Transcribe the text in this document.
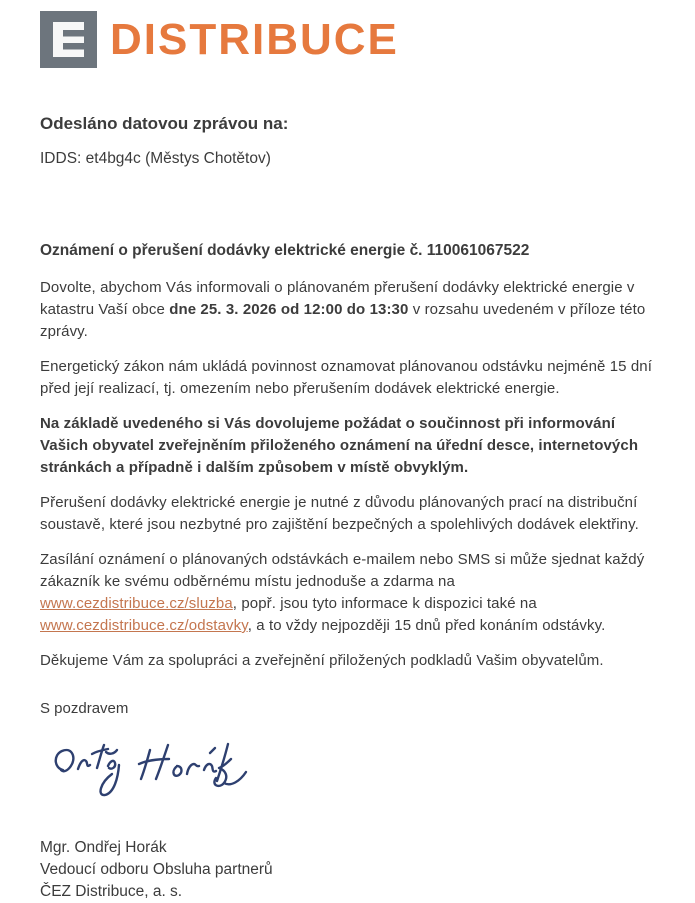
DISTRIBUCE
Odesláno datovou zprávou na:
IDDS: et4bg4c (Městys Chotětov)
Oznámení o přerušení dodávky elektrické energie č. 110061067522

Dovolte, abychom Vás informovali o plánovaném přerušení dodávky elektrické energie v katastru Vaší obce dne 25. 3. 2026 od 12:00 do 13:30 v rozsahu uvedeném v příloze této zprávy.

Energetický zákon nám ukládá povinnost oznamovat plánovanou odstávku nejméně 15 dní před její realizací, tj. omezením nebo přerušením dodávek elektrické energie.

Na základě uvedeného si Vás dovolujeme požádat o součinnost při informování Vašich obyvatel zveřejněním přiloženého oznámení na úřední desce, internetových stránkách a případně i dalším způsobem v místě obvyklým.

Přerušení dodávky elektrické energie je nutné z důvodu plánovaných prací na distribuční soustavě, které jsou nezbytné pro zajištění bezpečných a spolehlivých dodávek elektřiny.

Zasílání oznámení o plánovaných odstávkách e-mailem nebo SMS si může sjednat každý zákazník ke svému odběrnému místu jednoduše a zdarma na www.cezdistribuce.cz/sluzba, popř. jsou tyto informace k dispozici také na www.cezdistribuce.cz/odstavky, a to vždy nejpozději 15 dnů před konáním odstávky.

Děkujeme Vám za spolupráci a zveřejnění přiložených podkladů Vašim obyvatelům.

S pozdravem
Mgr. Ondřej Horák
Vedoucí odboru Obsluha partnerů
ČEZ Distribuce, a. s.
